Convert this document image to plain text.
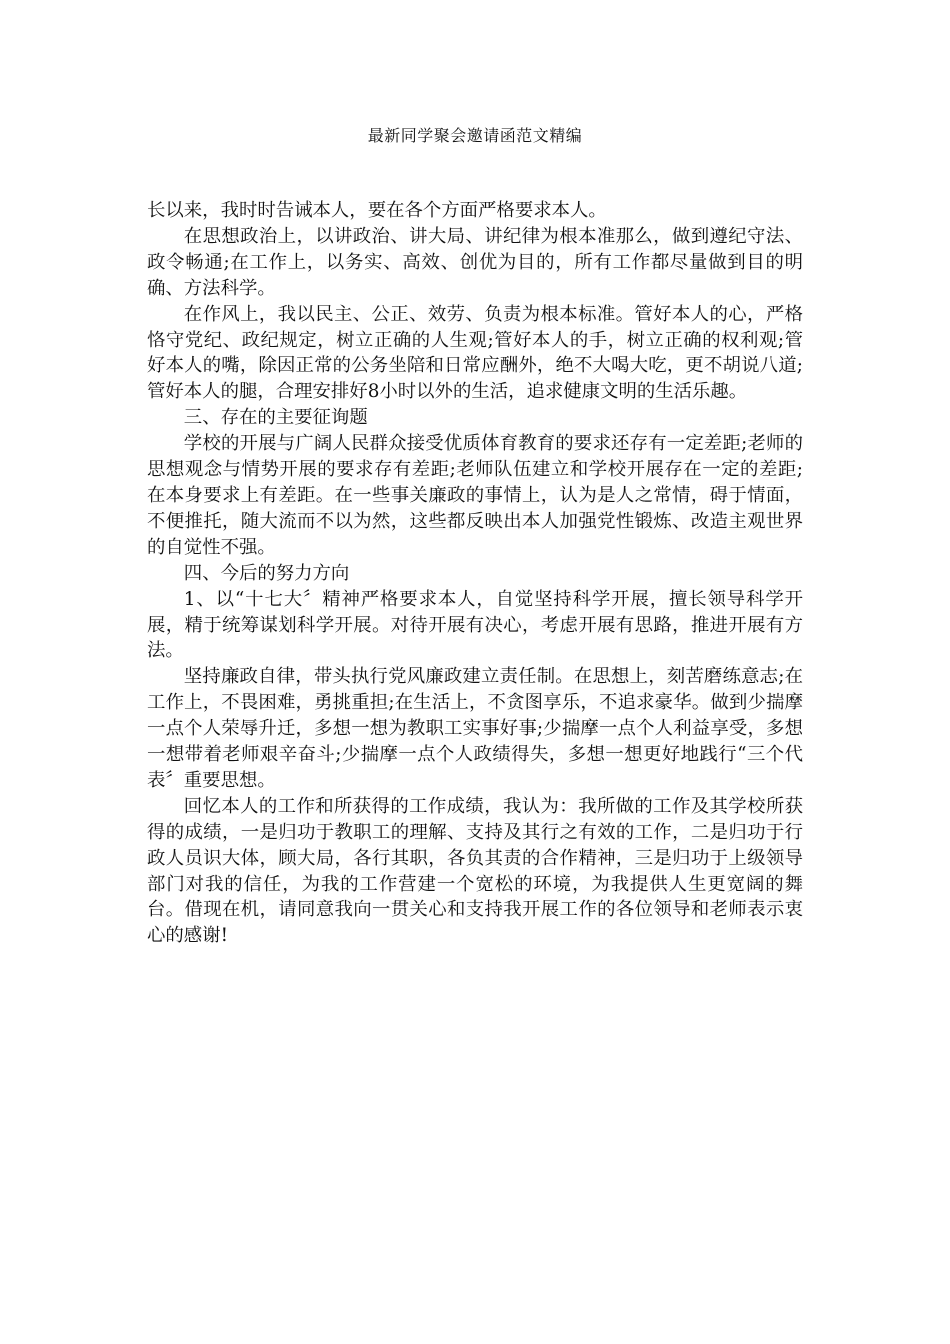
最新同学聚会邀请函范文精编

长以来，我时时告诫本人，要在各个方面严格要求本人。

在思想政治上，以讲政治、讲大局、讲纪律为根本准那么，做到遵纪守法、政令畅通;在工作上，以务实、高效、创优为目的，所有工作都尽量做到目的明确、方法科学。

在作风上，我以民主、公正、效劳、负责为根本标准。管好本人的心，严格恪守党纪、政纪规定，树立正确的人生观;管好本人的手，树立正确的权利观;管好本人的嘴，除因正常的公务坐陪和日常应酬外，绝不大喝大吃，更不胡说八道;管好本人的腿，合理安排好8小时以外的生活，追求健康文明的生活乐趣。

三、存在的主要征询题

学校的开展与广阔人民群众接受优质体育教育的要求还存有一定差距;老师的思想观念与情势开展的要求存有差距;老师队伍建立和学校开展存在一定的差距;在本身要求上有差距。在一些事关廉政的事情上，认为是人之常情，碍于情面，不便推托，随大流而不以为然，这些都反映出本人加强党性锻炼、改造主观世界的自觉性不强。

四、今后的努力方向

1、以“十七大〞精神严格要求本人，自觉坚持科学开展，擅长领导科学开展，精于统筹谋划科学开展。对待开展有决心，考虑开展有思路，推进开展有方法。

坚持廉政自律，带头执行党风廉政建立责任制。在思想上，刻苦磨练意志;在工作上，不畏困难，勇挑重担;在生活上，不贪图享乐，不追求豪华。做到少揣摩一点个人荣辱升迁，多想一想为教职工实事好事;少揣摩一点个人利益享受，多想一想带着老师艰辛奋斗;少揣摩一点个人政绩得失，多想一想更好地践行“三个代表〞重要思想。

回忆本人的工作和所获得的工作成绩，我认为：我所做的工作及其学校所获得的成绩，一是归功于教职工的理解、支持及其行之有效的工作，二是归功于行政人员识大体，顾大局，各行其职，各负其责的合作精神，三是归功于上级领导部门对我的信任，为我的工作营建一个宽松的环境，为我提供人生更宽阔的舞台。借现在机，请同意我向一贯关心和支持我开展工作的各位领导和老师表示衷心的感谢!
